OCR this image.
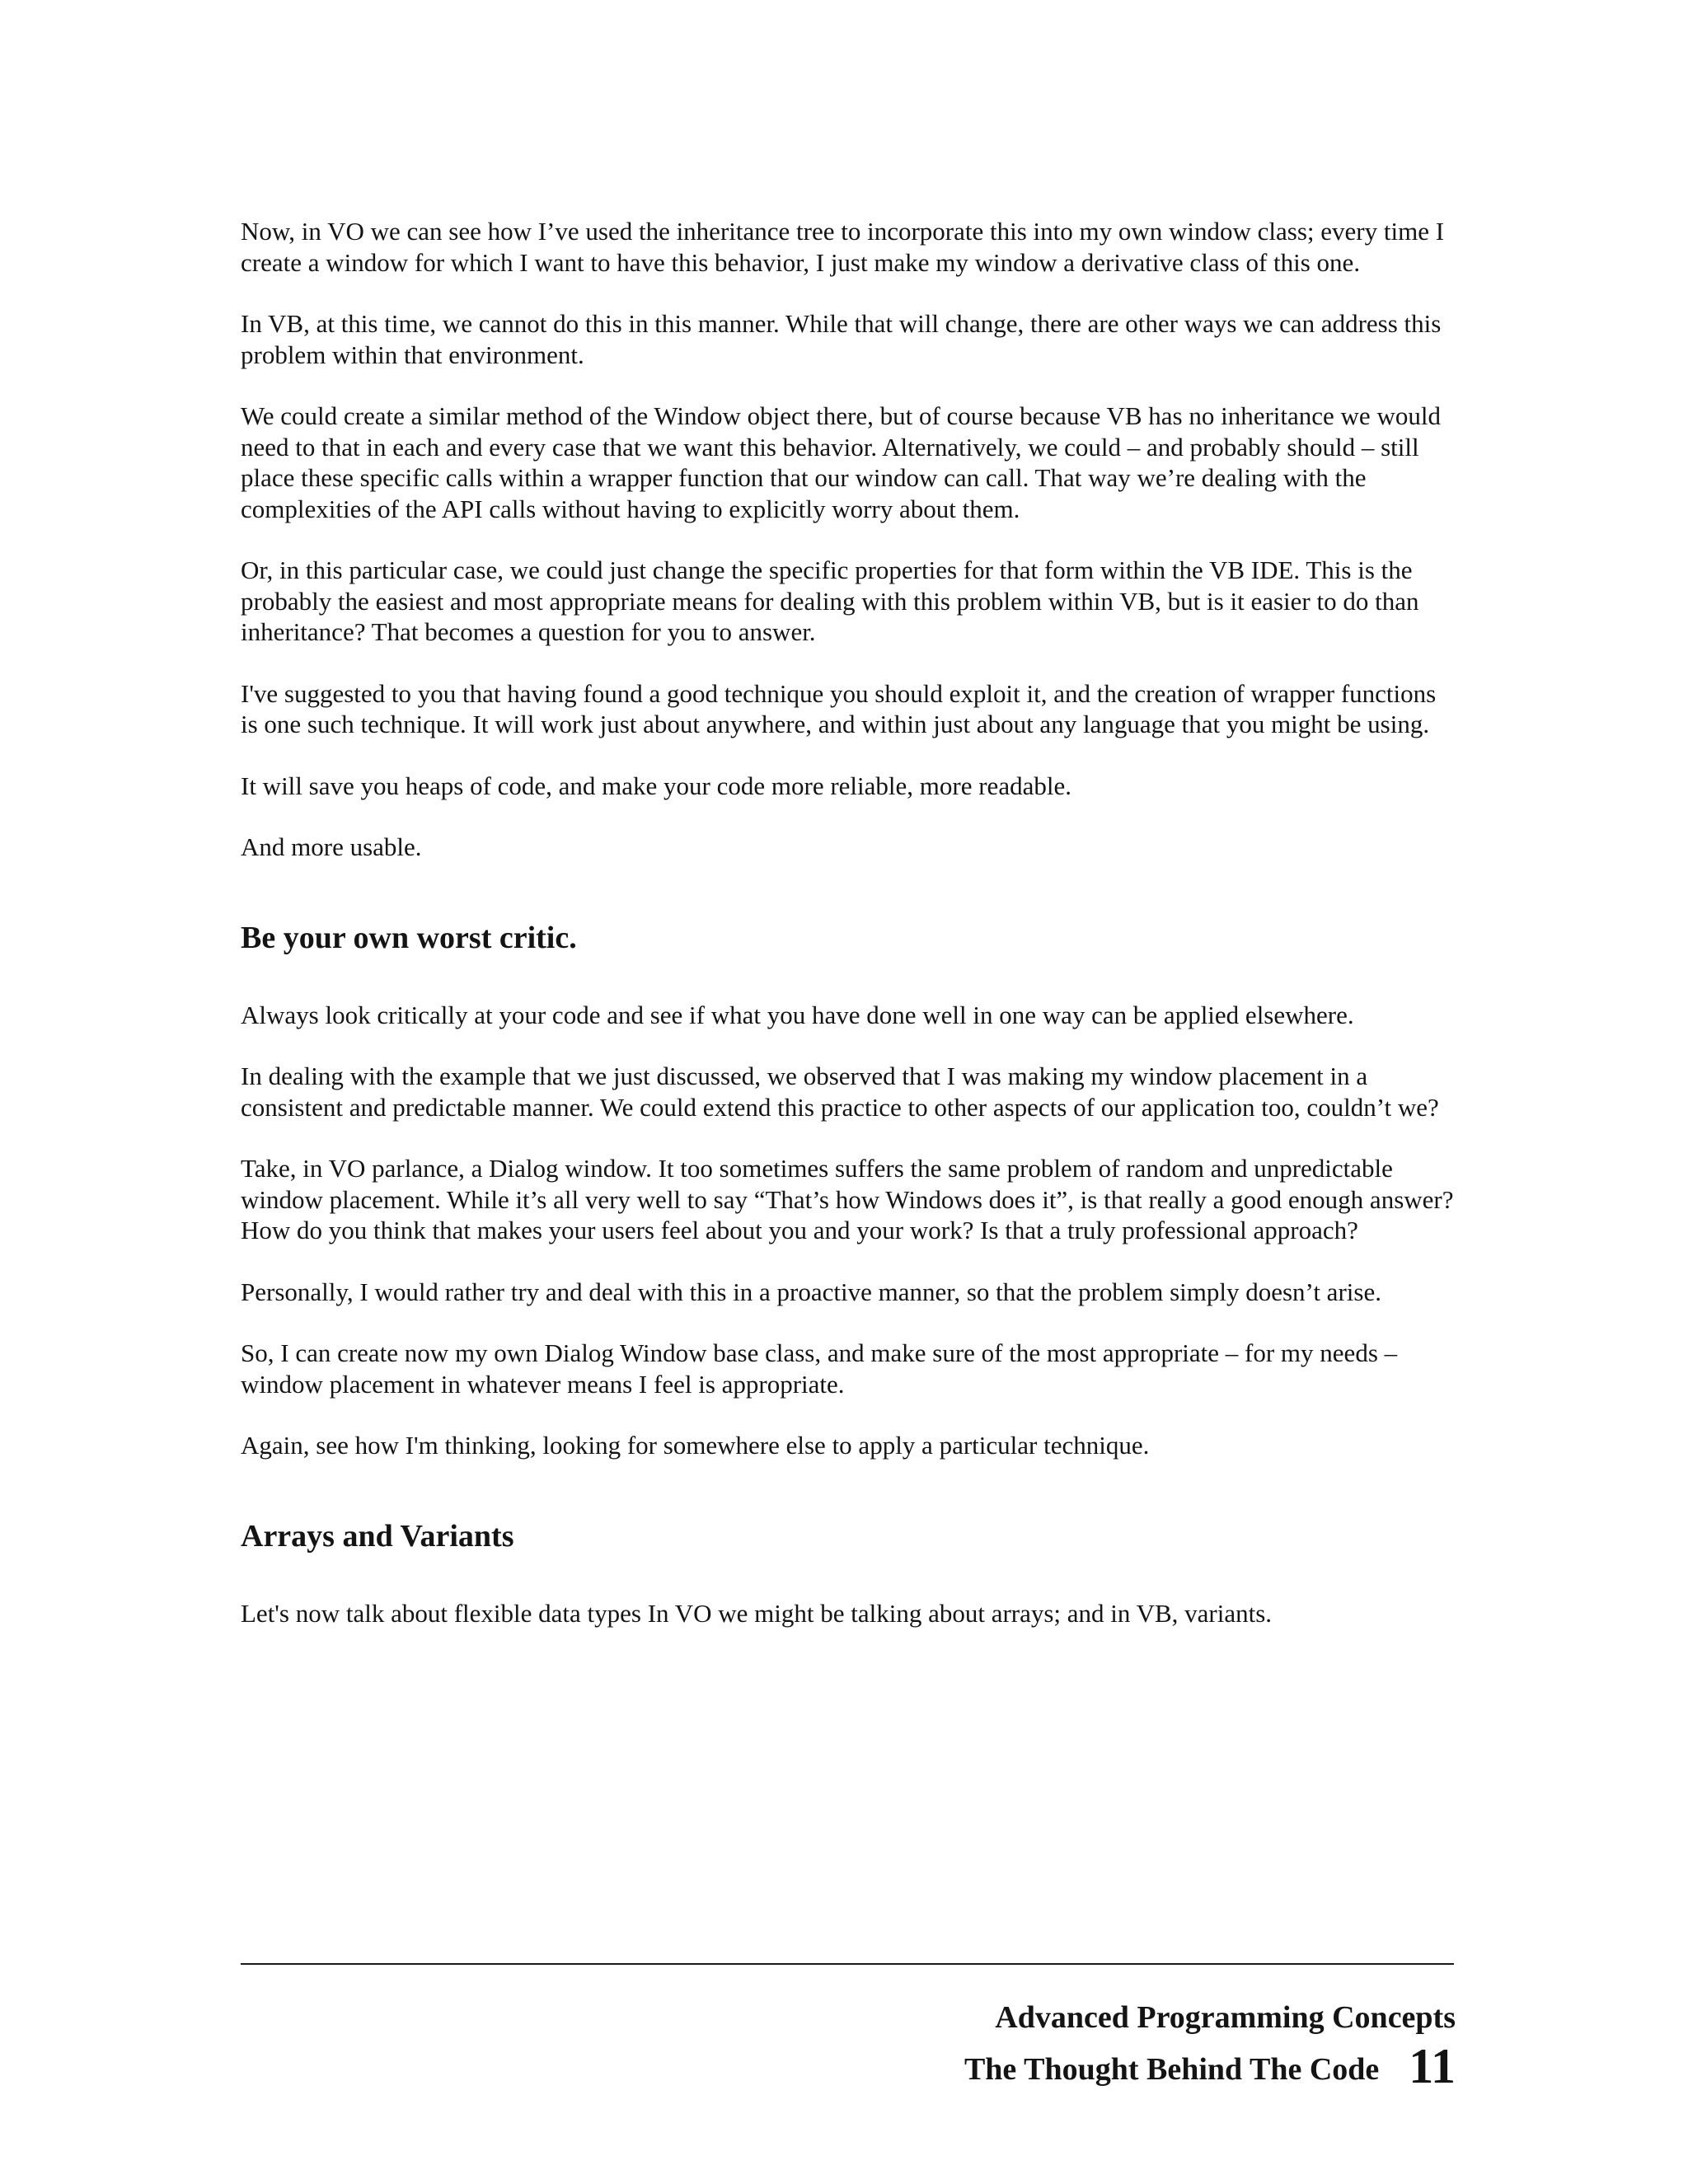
Now, in VO we can see how I’ve used the inheritance tree to incorporate this into my own window class; every time I create a window for which I want to have this behavior, I just make my window a derivative class of this one.

In VB, at this time, we cannot do this in this manner. While that will change, there are other ways we can address this problem within that environment.

We could create a similar method of the Window object there, but of course because VB has no inheritance we would need to that in each and every case that we want this behavior. Alternatively, we could – and probably should – still place these specific calls within a wrapper function that our window can call. That way we’re dealing with the complexities of the API calls without having to explicitly worry about them.

Or, in this particular case, we could just change the specific properties for that form within the VB IDE. This is the probably the easiest and most appropriate means for dealing with this problem within VB, but is it easier to do than inheritance? That becomes a question for you to answer.

I've suggested to you that having found a good technique you should exploit it, and the creation of wrapper functions is one such technique. It will work just about anywhere, and within just about any language that you might be using.

It will save you heaps of code, and make your code more reliable, more readable.

And more usable.

Be your own worst critic.

Always look critically at your code and see if what you have done well in one way can be applied elsewhere.

In dealing with the example that we just discussed, we observed that I was making my window placement in a consistent and predictable manner. We could extend this practice to other aspects of our application too, couldn’t we?

Take, in VO parlance, a Dialog window. It too sometimes suffers the same problem of random and unpredictable window placement. While it’s all very well to say “That’s how Windows does it”, is that really a good enough answer? How do you think that makes your users feel about you and your work? Is that a truly professional approach?

Personally, I would rather try and deal with this in a proactive manner, so that the problem simply doesn’t arise.

So, I can create now my own Dialog Window base class, and make sure of the most appropriate – for my needs – window placement in whatever means I feel is appropriate.

Again, see how I'm thinking, looking for somewhere else to apply a particular technique.

Arrays and Variants

Let's now talk about flexible data types In VO we might be talking about arrays; and in VB, variants.

Advanced Programming Concepts
The Thought Behind The Code 11
